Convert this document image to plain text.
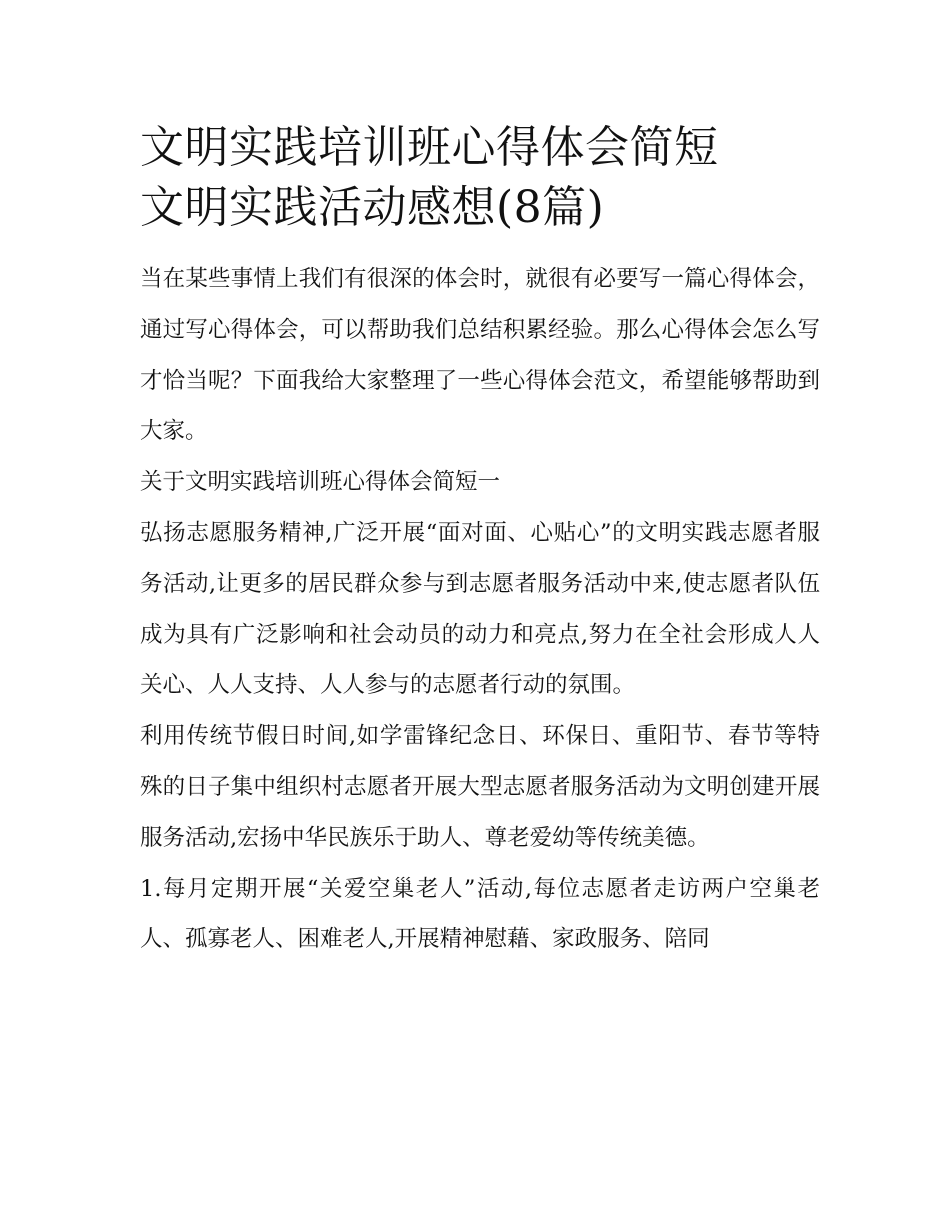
文明实践培训班心得体会简短
文明实践活动感想(8篇)

当在某些事情上我们有很深的体会时，就很有必要写一篇心得体会，通过写心得体会，可以帮助我们总结积累经验。那么心得体会怎么写才恰当呢？下面我给大家整理了一些心得体会范文，希望能够帮助到大家。

关于文明实践培训班心得体会简短一

弘扬志愿服务精神,广泛开展“面对面、心贴心”的文明实践志愿者服务活动,让更多的居民群众参与到志愿者服务活动中来,使志愿者队伍成为具有广泛影响和社会动员的动力和亮点,努力在全社会形成人人关心、人人支持、人人参与的志愿者行动的氛围。

利用传统节假日时间,如学雷锋纪念日、环保日、重阳节、春节等特殊的日子集中组织村志愿者开展大型志愿者服务活动为文明创建开展服务活动,宏扬中华民族乐于助人、尊老爱幼等传统美德。

1.每月定期开展“关爱空巢老人”活动,每位志愿者走访两户空巢老人、孤寡老人、困难老人,开展精神慰藉、家政服务、陪同
